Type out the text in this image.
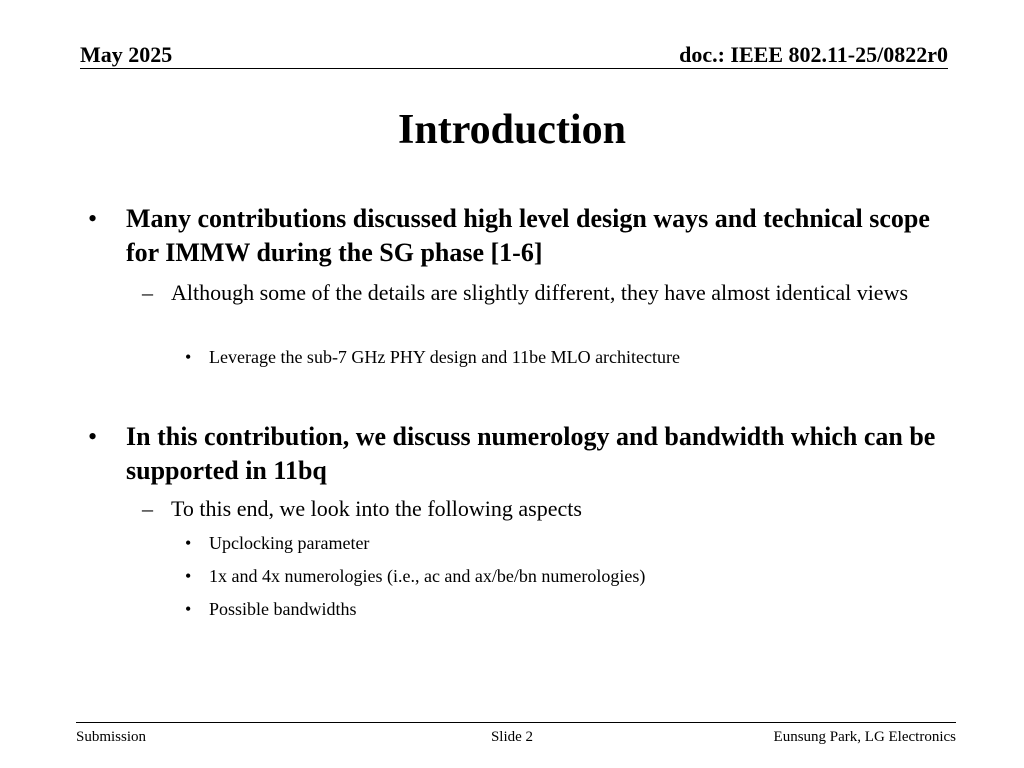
May 2025	doc.: IEEE 802.11-25/0822r0
Introduction
• Many contributions discussed high level design ways and technical scope for IMMW during the SG phase [1-6]
– Although some of the details are slightly different, they have almost identical views
• Leverage the sub-7 GHz PHY design and 11be MLO architecture
• In this contribution, we discuss numerology and bandwidth which can be supported in 11bq
– To this end, we look into the following aspects
• Upclocking parameter
• 1x and 4x numerologies (i.e., ac and ax/be/bn numerologies)
• Possible bandwidths
Submission	Slide 2	Eunsung Park, LG Electronics
